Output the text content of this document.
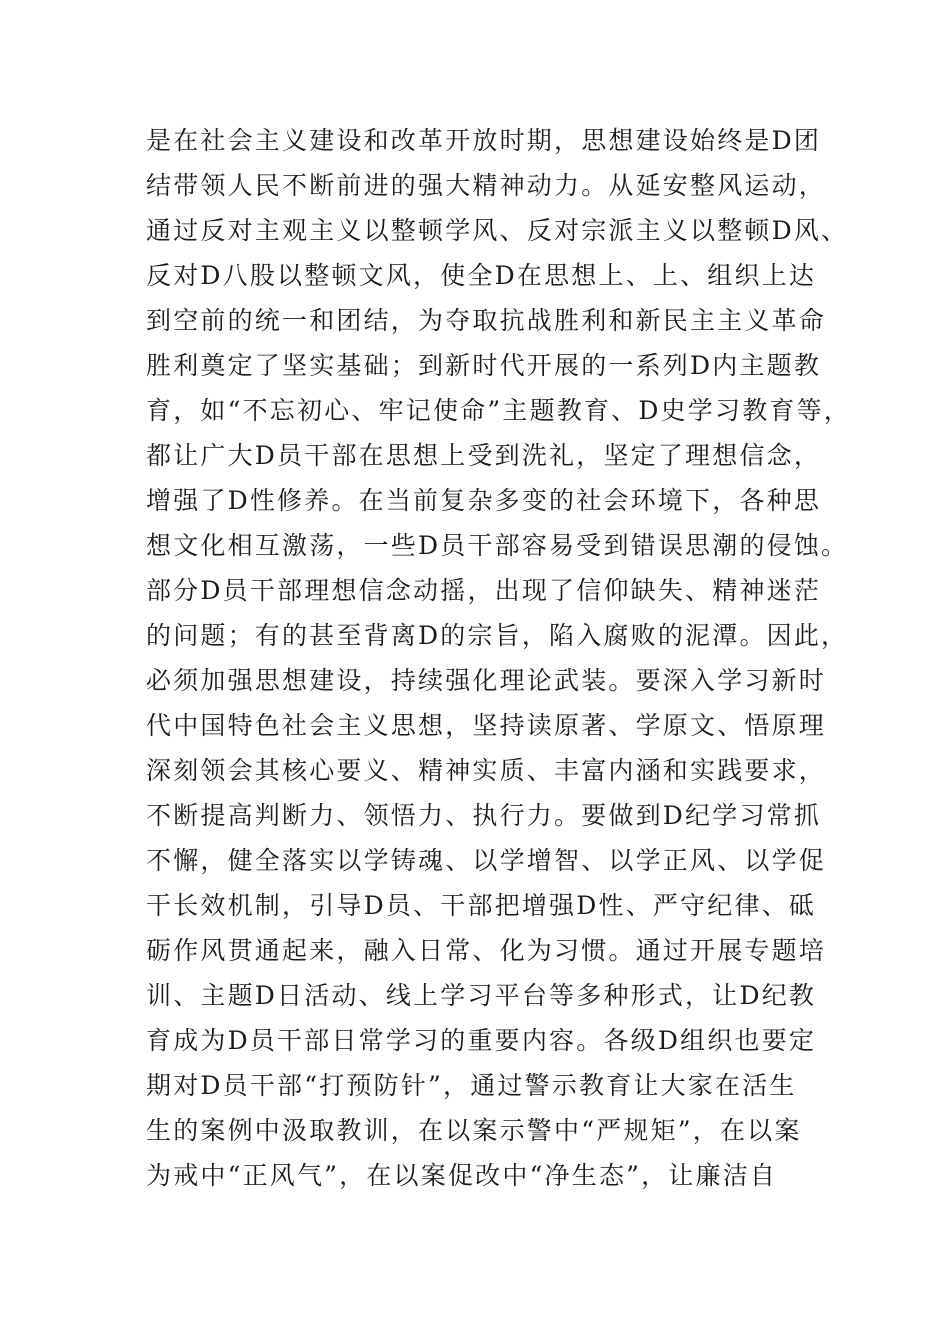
是在社会主义建设和改革开放时期，思想建设始终是D团
结带领人民不断前进的强大精神动力。从延安整风运动，
通过反对主观主义以整顿学风、反对宗派主义以整顿D风、
反对D八股以整顿文风，使全D在思想上、上、组织上达
到空前的统一和团结，为夺取抗战胜利和新民主主义革命
胜利奠定了坚实基础；到新时代开展的一系列D内主题教
育，如“不忘初心、牢记使命”主题教育、D史学习教育等，
都让广大D员干部在思想上受到洗礼，坚定了理想信念，
增强了D性修养。在当前复杂多变的社会环境下，各种思
想文化相互激荡，一些D员干部容易受到错误思潮的侵蚀。
部分D员干部理想信念动摇，出现了信仰缺失、精神迷茫
的问题；有的甚至背离D的宗旨，陷入腐败的泥潭。因此，
必须加强思想建设，持续强化理论武装。要深入学习新时
代中国特色社会主义思想，坚持读原著、学原文、悟原理
深刻领会其核心要义、精神实质、丰富内涵和实践要求，
不断提高判断力、领悟力、执行力。要做到D纪学习常抓
不懈，健全落实以学铸魂、以学增智、以学正风、以学促
干长效机制，引导D员、干部把增强D性、严守纪律、砥
砺作风贯通起来，融入日常、化为习惯。通过开展专题培
训、主题D日活动、线上学习平台等多种形式，让D纪教
育成为D员干部日常学习的重要内容。各级D组织也要定
期对D员干部“打预防针”，通过警示教育让大家在活生
生的案例中汲取教训，在以案示警中“严规矩”，在以案
为戒中“正风气”，在以案促改中“净生态”，让廉洁自
